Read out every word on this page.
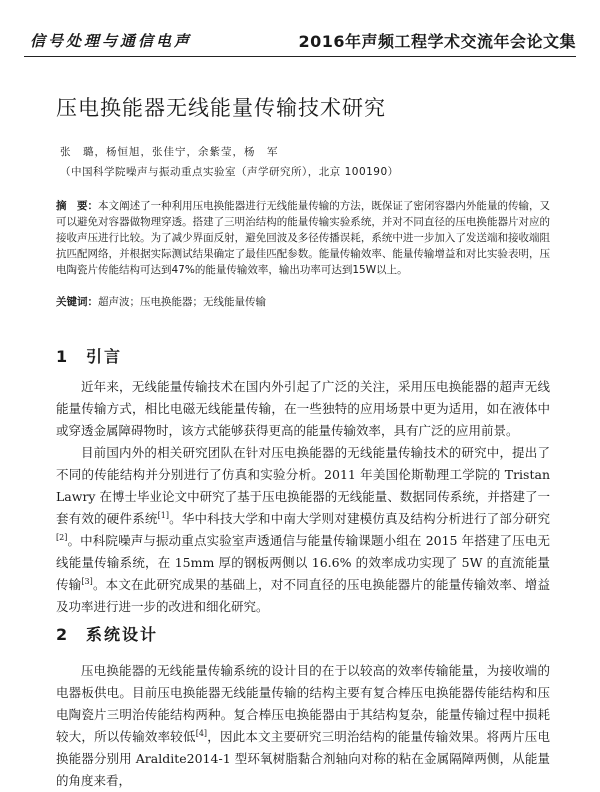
信号处理与通信电声	2016年声频工程学术交流年会论文集
压电换能器无线能量传输技术研究
张　璐，杨恒旭，张佳宁，余紫莹，杨　军
（中国科学院噪声与振动重点实验室（声学研究所），北京 100190）

摘　要：本文阐述了一种利用压电换能器进行无线能量传输的方法，既保证了密闭容器内外能量的传输，又可以避免对容器做物理穿透。搭建了三明治结构的能量传输实验系统，并对不同直径的压电换能器片对应的接收声压进行比较。为了减少界面反射，避免回波及多径传播误耗，系统中进一步加入了发送端和接收端阻抗匹配网络，并根据实际测试结果确定了最佳匹配参数。能量传输效率、能量传输增益和对比实验表明，压电陶瓷片传能结构可达到47%的能量传输效率，输出功率可达到15W以上。

关键词：超声波；压电换能器；无线能量传输

1 引言

近年来，无线能量传输技术在国内外引起了广泛的关注，采用压电换能器的超声无线能量传输方式，相比电磁无线能量传输，在一些独特的应用场景中更为适用，如在液体中或穿透金属障碍物时，该方式能够获得更高的能量传输效率，具有广泛的应用前景。

目前国内外的相关研究团队在针对压电换能器的无线能量传输技术的研究中，提出了不同的传能结构并分别进行了仿真和实验分析。2011 年美国伦斯勒理工学院的 Tristan Lawry 在博士毕业论文中研究了基于压电换能器的无线能量、数据同传系统，并搭建了一套有效的硬件系统[1]。华中科技大学和中南大学则对建模仿真及结构分析进行了部分研究[2]。中科院噪声与振动重点实验室声透通信与能量传输课题小组在 2015 年搭建了压电无线能量传输系统，在 15mm 厚的钢板两侧以 16.6% 的效率成功实现了 5W 的直流能量传输[3]。本文在此研究成果的基础上，对不同直径的压电换能器片的能量传输效率、增益及功率进行进一步的改进和细化研究。

2 系统设计

压电换能器的无线能量传输系统的设计目的在于以较高的效率传输能量，为接收端的电器板供电。目前压电换能器无线能量传输的结构主要有复合棒压电换能器传能结构和压电陶瓷片三明治传能结构两种。复合棒压电换能器由于其结构复杂，能量传输过程中损耗较大，所以传输效率较低[4]，因此本文主要研究三明治结构的能量传输效果。将两片压电换能器分别用 Araldite2014-1 型环氧树脂黏合剂轴向对称的粘在金属隔障两侧，从能量的角度来看，
